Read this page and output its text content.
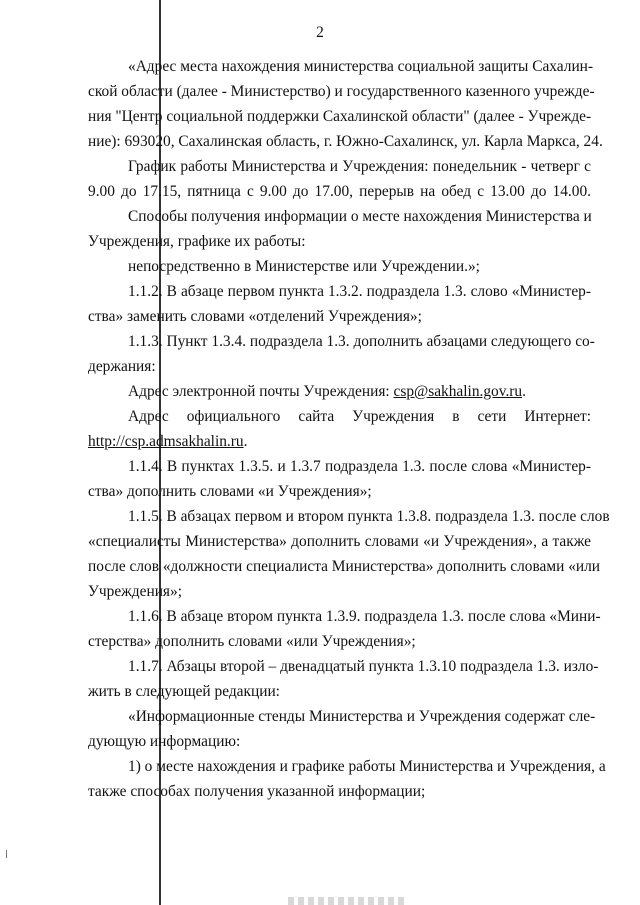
2
«Адрес места нахождения министерства социальной защиты Сахалин-
ской области (далее - Министерство) и государственного казенного учрежде-
ния "Центр социальной поддержки Сахалинской области" (далее - Учрежде-
ние): 693020, Сахалинская область, г. Южно-Сахалинск, ул. Карла Маркса, 24.
График работы Министерства и Учреждения: понедельник - четверг с
9.00 до 17.15, пятница с 9.00 до 17.00, перерыв на обед с 13.00 до 14.00.
Способы получения информации о месте нахождения Министерства и
Учреждения, графике их работы:
непосредственно в Министерстве или Учреждении.»;
1.1.2. В абзаце первом пункта 1.3.2. подраздела 1.3. слово «Министер-
ства» заменить словами «отделений Учреждения»;
1.1.3. Пункт 1.3.4. подраздела 1.3. дополнить абзацами следующего со-
держания:
Адрес электронной почты Учреждения: csp@sakhalin.gov.ru.
Адрес официального сайта Учреждения в сети Интернет:
http://csp.admsakhalin.ru.
1.1.4. В пунктах 1.3.5. и 1.3.7 подраздела 1.3. после слова «Министер-
ства» дополнить словами «и Учреждения»;
1.1.5. В абзацах первом и втором пункта 1.3.8. подраздела 1.3. после слов
«специалисты Министерства» дополнить словами «и Учреждения», а также
после слов «должности специалиста Министерства» дополнить словами «или
Учреждения»;
1.1.6. В абзаце втором пункта 1.3.9. подраздела 1.3. после слова «Мини-
стерства» дополнить словами «или Учреждения»;
1.1.7. Абзацы второй – двенадцатый пункта 1.3.10 подраздела 1.3. изло-
жить в следующей редакции:
«Информационные стенды Министерства и Учреждения содержат сле-
дующую информацию:
1) о месте нахождения и графике работы Министерства и Учреждения, а
также способах получения указанной информации;
